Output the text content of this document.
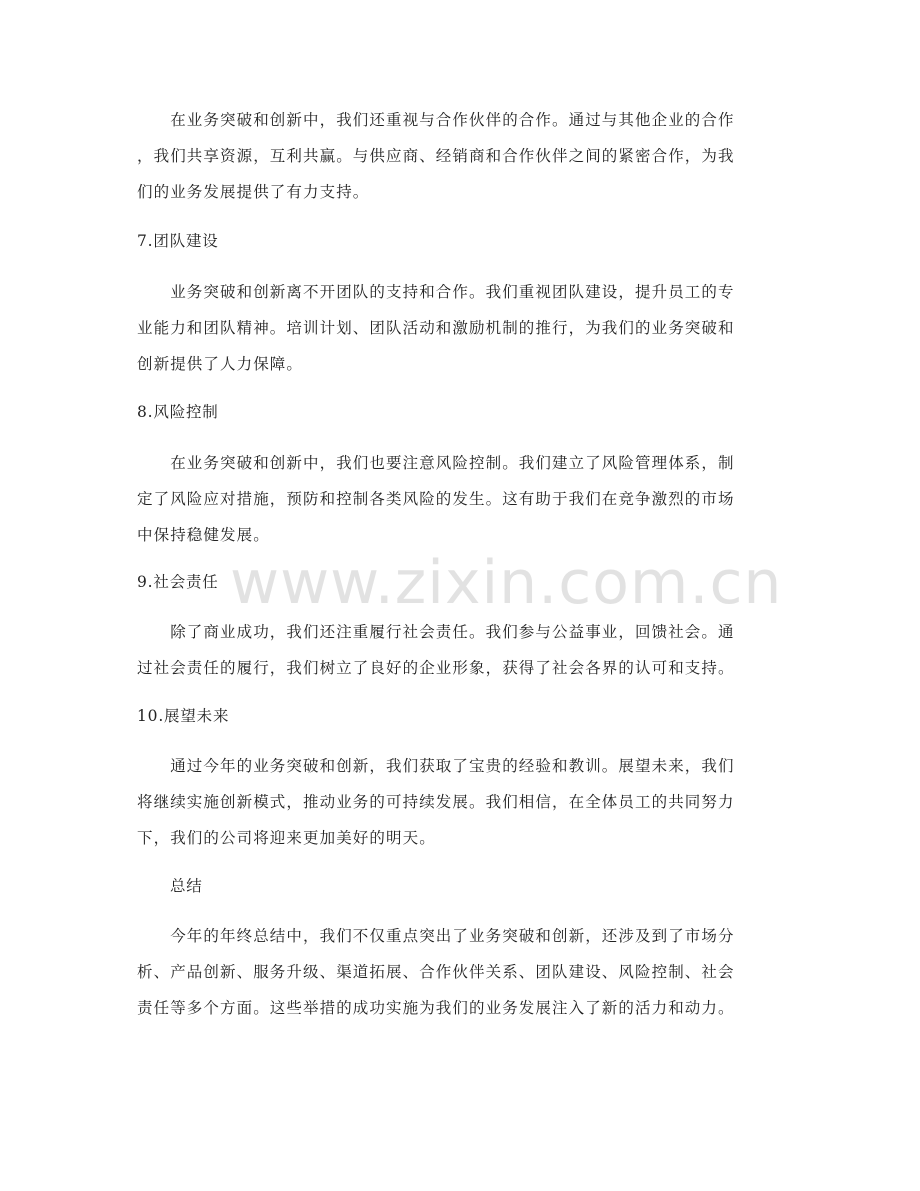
　　在业务突破和创新中，我们还重视与合作伙伴的合作。通过与其他企业的合作
，我们共享资源，互利共赢。与供应商、经销商和合作伙伴之间的紧密合作，为我
们的业务发展提供了有力支持。
7.团队建设
　　业务突破和创新离不开团队的支持和合作。我们重视团队建设，提升员工的专
业能力和团队精神。培训计划、团队活动和激励机制的推行，为我们的业务突破和
创新提供了人力保障。
8.风险控制
　　在业务突破和创新中，我们也要注意风险控制。我们建立了风险管理体系，制
定了风险应对措施，预防和控制各类风险的发生。这有助于我们在竞争激烈的市场
中保持稳健发展。
9.社会责任
　　除了商业成功，我们还注重履行社会责任。我们参与公益事业，回馈社会。通
过社会责任的履行，我们树立了良好的企业形象，获得了社会各界的认可和支持。
10.展望未来
　　通过今年的业务突破和创新，我们获取了宝贵的经验和教训。展望未来，我们
将继续实施创新模式，推动业务的可持续发展。我们相信，在全体员工的共同努力
下，我们的公司将迎来更加美好的明天。
总结
　　今年的年终总结中，我们不仅重点突出了业务突破和创新，还涉及到了市场分
析、产品创新、服务升级、渠道拓展、合作伙伴关系、团队建设、风险控制、社会
责任等多个方面。这些举措的成功实施为我们的业务发展注入了新的活力和动力。
www.zixin.com.cn
